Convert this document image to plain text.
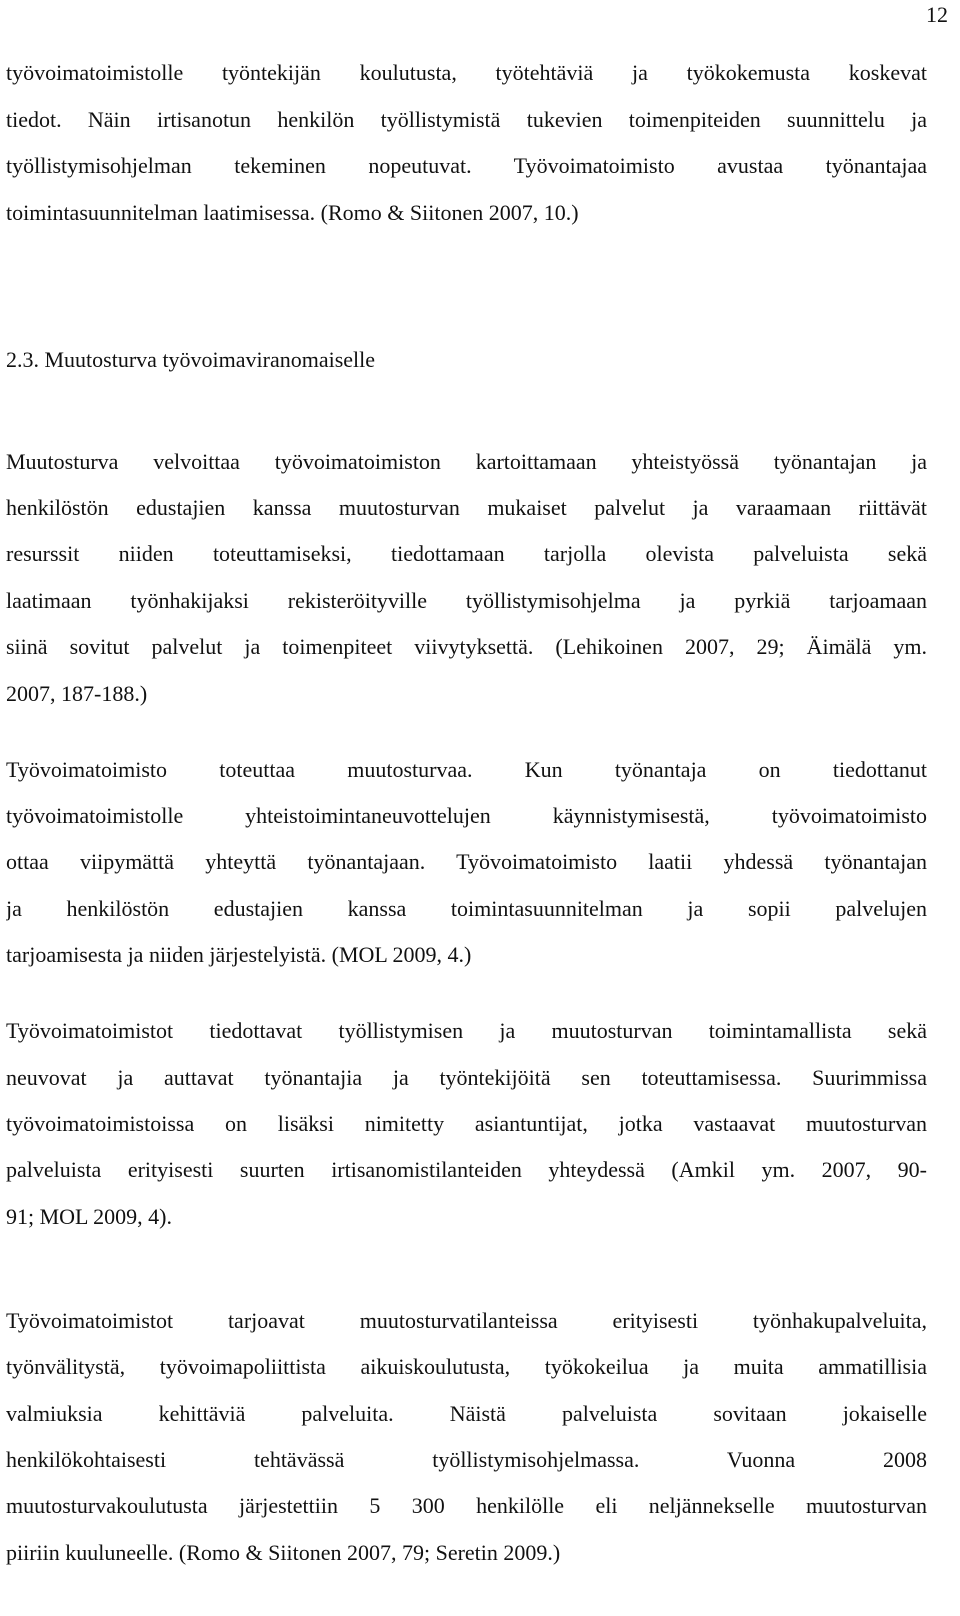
12
työvoimatoimistolle työntekijän koulutusta, työtehtäviä ja työkokemusta koskevat
tiedot. Näin irtisanotun henkilön työllistymistä tukevien toimenpiteiden suunnittelu ja
työllistymisohjelman tekeminen nopeutuvat. Työvoimatoimisto avustaa työnantajaa
toimintasuunnitelman laatimisessa. (Romo & Siitonen 2007, 10.)
2.3. Muutosturva työvoimaviranomaiselle
Muutosturva velvoittaa työvoimatoimiston kartoittamaan yhteistyössä työnantajan ja
henkilöstön edustajien kanssa muutosturvan mukaiset palvelut ja varaamaan riittävät
resurssit niiden toteuttamiseksi, tiedottamaan tarjolla olevista palveluista sekä
laatimaan työnhakijaksi rekisteröityville työllistymisohjelma ja pyrkiä tarjoamaan
siinä sovitut palvelut ja toimenpiteet viivytyksettä. (Lehikoinen 2007, 29; Äimälä ym.
2007, 187-188.)
Työvoimatoimisto toteuttaa muutosturvaa. Kun työnantaja on tiedottanut
työvoimatoimistolle yhteistoimintaneuvottelujen käynnistymisestä, työvoimatoimisto
ottaa viipymättä yhteyttä työnantajaan. Työvoimatoimisto laatii yhdessä työnantajan
ja henkilöstön edustajien kanssa toimintasuunnitelman ja sopii palvelujen
tarjoamisesta ja niiden järjestelyistä. (MOL 2009, 4.)
Työvoimatoimistot tiedottavat työllistymisen ja muutosturvan toimintamallista sekä
neuvovat ja auttavat työnantajia ja työntekijöitä sen toteuttamisessa. Suurimmissa
työvoimatoimistoissa on lisäksi nimitetty asiantuntijat, jotka vastaavat muutosturvan
palveluista erityisesti suurten irtisanomistilanteiden yhteydessä (Amkil ym. 2007, 90-
91; MOL 2009, 4).
Työvoimatoimistot tarjoavat muutosturvatilanteissa erityisesti työnhakupalveluita,
työnvälitystä, työvoimapoliittista aikuiskoulutusta, työkokeilua ja muita ammatillisia
valmiuksia kehittäviä palveluita. Näistä palveluista sovitaan jokaiselle
henkilökohtaisesti tehtävässä työllistymisohjelmassa. Vuonna 2008
muutosturvakoulutusta järjestettiin 5 300 henkilölle eli neljännekselle muutosturvan
piiriin kuuluneelle. (Romo & Siitonen 2007, 79; Seretin 2009.)
